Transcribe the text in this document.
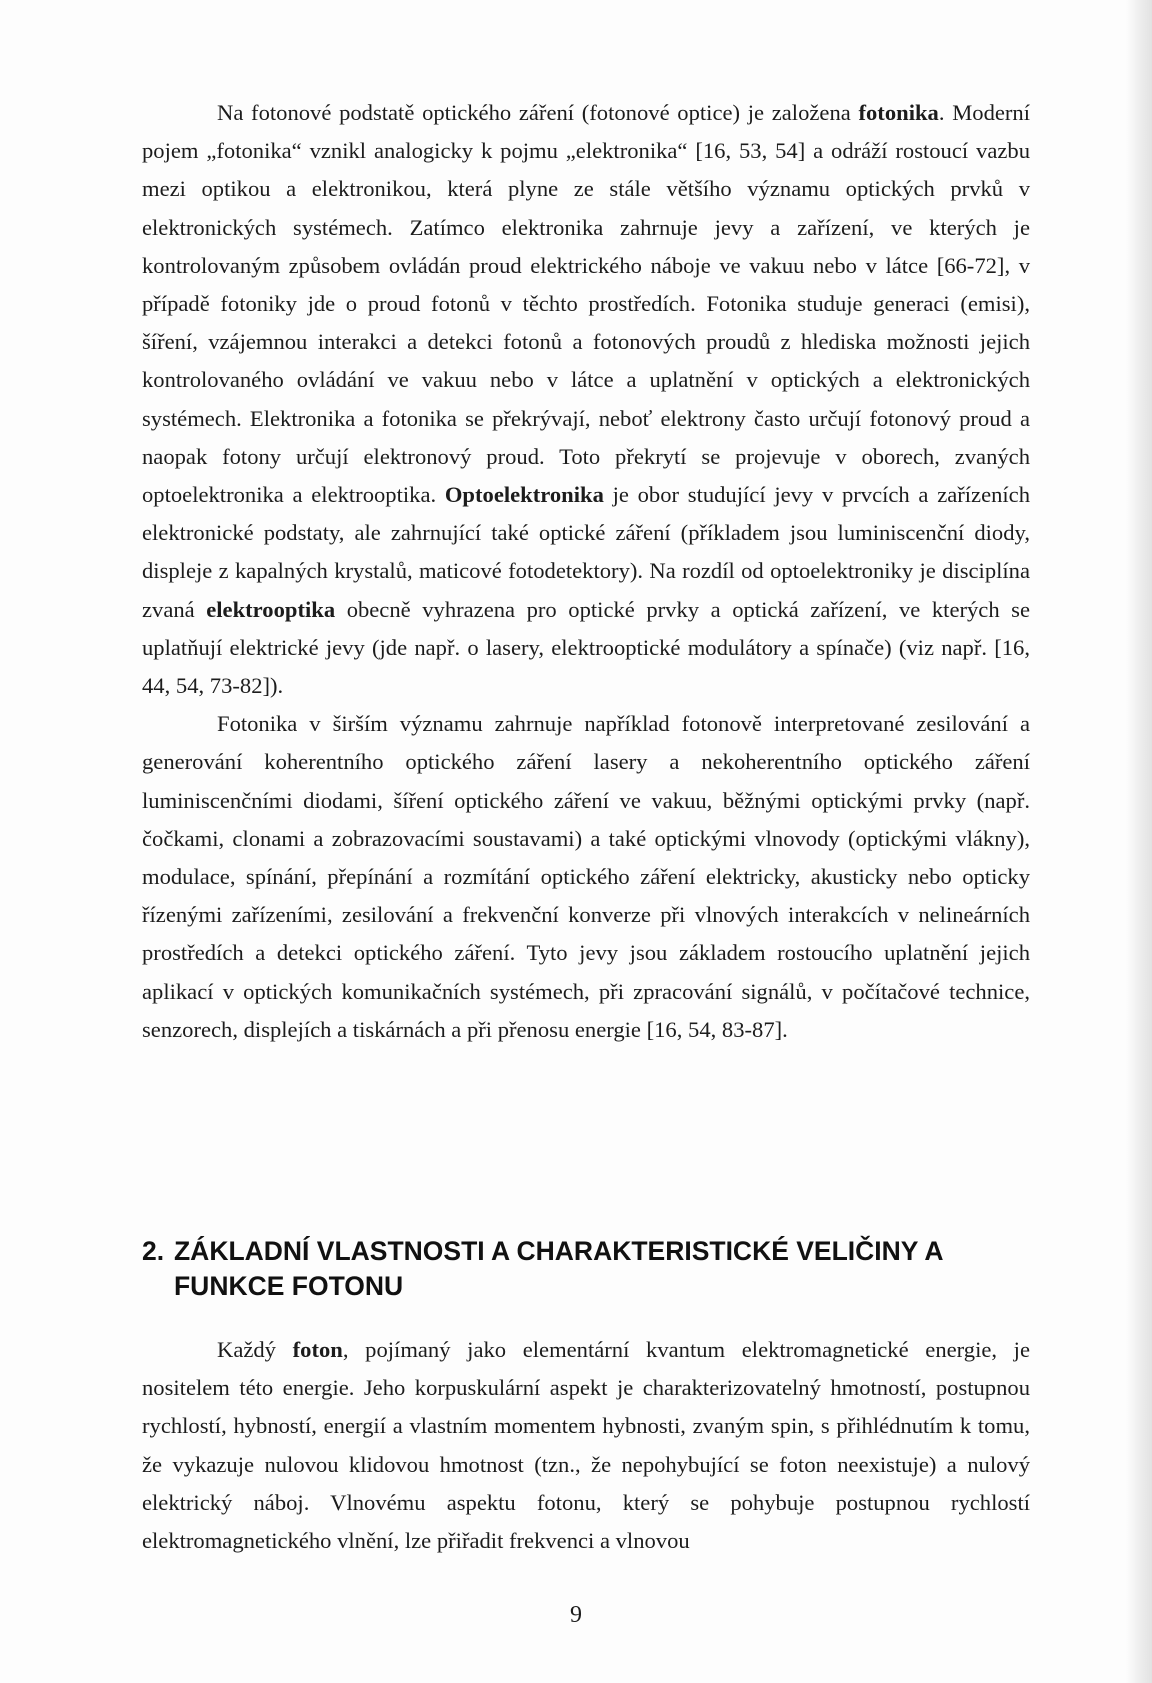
Na fotonové podstatě optického záření (fotonové optice) je založena fotonika. Moderní pojem „fotonika“ vznikl analogicky k pojmu „elektronika“ [16, 53, 54] a odráží rostoucí vazbu mezi optikou a elektronikou, která plyne ze stále většího významu optických prvků v elektronických systémech. Zatímco elektronika zahrnuje jevy a zařízení, ve kterých je kontrolovaným způsobem ovládán proud elektrického náboje ve vakuu nebo v látce [66-72], v případě fotoniky jde o proud fotonů v těchto prostředích. Fotonika studuje generaci (emisi), šíření, vzájemnou interakci a detekci fotonů a fotonových proudů z hlediska možnosti jejich kontrolovaného ovládání ve vakuu nebo v látce a uplatnění v optických a elektronických systémech. Elektronika a fotonika se překrývají, neboť elektrony často určují fotonový proud a naopak fotony určují elektronový proud. Toto překrytí se projevuje v oborech, zvaných optoelektronika a elektrooptika. Optoelektronika je obor studující jevy v prvcích a zařízeních elektronické podstaty, ale zahrnující také optické záření (příkladem jsou luminiscenční diody, displeje z kapalných krystalů, maticové fotodetektory). Na rozdíl od optoelektroniky je disciplína zvaná elektrooptika obecně vyhrazena pro optické prvky a optická zařízení, ve kterých se uplatňují elektrické jevy (jde např. o lasery, elektrooptické modulátory a spínače) (viz např. [16, 44, 54, 73-82]).

Fotonika v širším významu zahrnuje například fotonově interpretované zesilování a generování koherentního optického záření lasery a nekoherentního optického záření luminiscenčními diodami, šíření optického záření ve vakuu, běžnými optickými prvky (např. čočkami, clonami a zobrazovacími soustavami) a také optickými vlnovody (optickými vlákny), modulace, spínání, přepínání a rozmítání optického záření elektricky, akusticky nebo opticky řízenými zařízeními, zesilování a frekvenční konverze při vlnových interakcích v nelineárních prostředích a detekci optického záření. Tyto jevy jsou základem rostoucího uplatnění jejich aplikací v optických komunikačních systémech, při zpracování signálů, v počítačové technice, senzorech, displejích a tiskárnách a při přenosu energie [16, 54, 83-87].

2. ZÁKLADNÍ VLASTNOSTI A CHARAKTERISTICKÉ VELIČINY A
FUNKCE FOTONU

Každý foton, pojímaný jako elementární kvantum elektromagnetické energie, je nositelem této energie. Jeho korpuskulární aspekt je charakterizovatelný hmotností, postupnou rychlostí, hybností, energií a vlastním momentem hybnosti, zvaným spin, s přihlédnutím k tomu, že vykazuje nulovou klidovou hmotnost (tzn., že nepohybující se foton neexistuje) a nulový elektrický náboj. Vlnovému aspektu fotonu, který se pohybuje postupnou rychlostí elektromagnetického vlnění, lze přiřadit frekvenci a vlnovou

9
